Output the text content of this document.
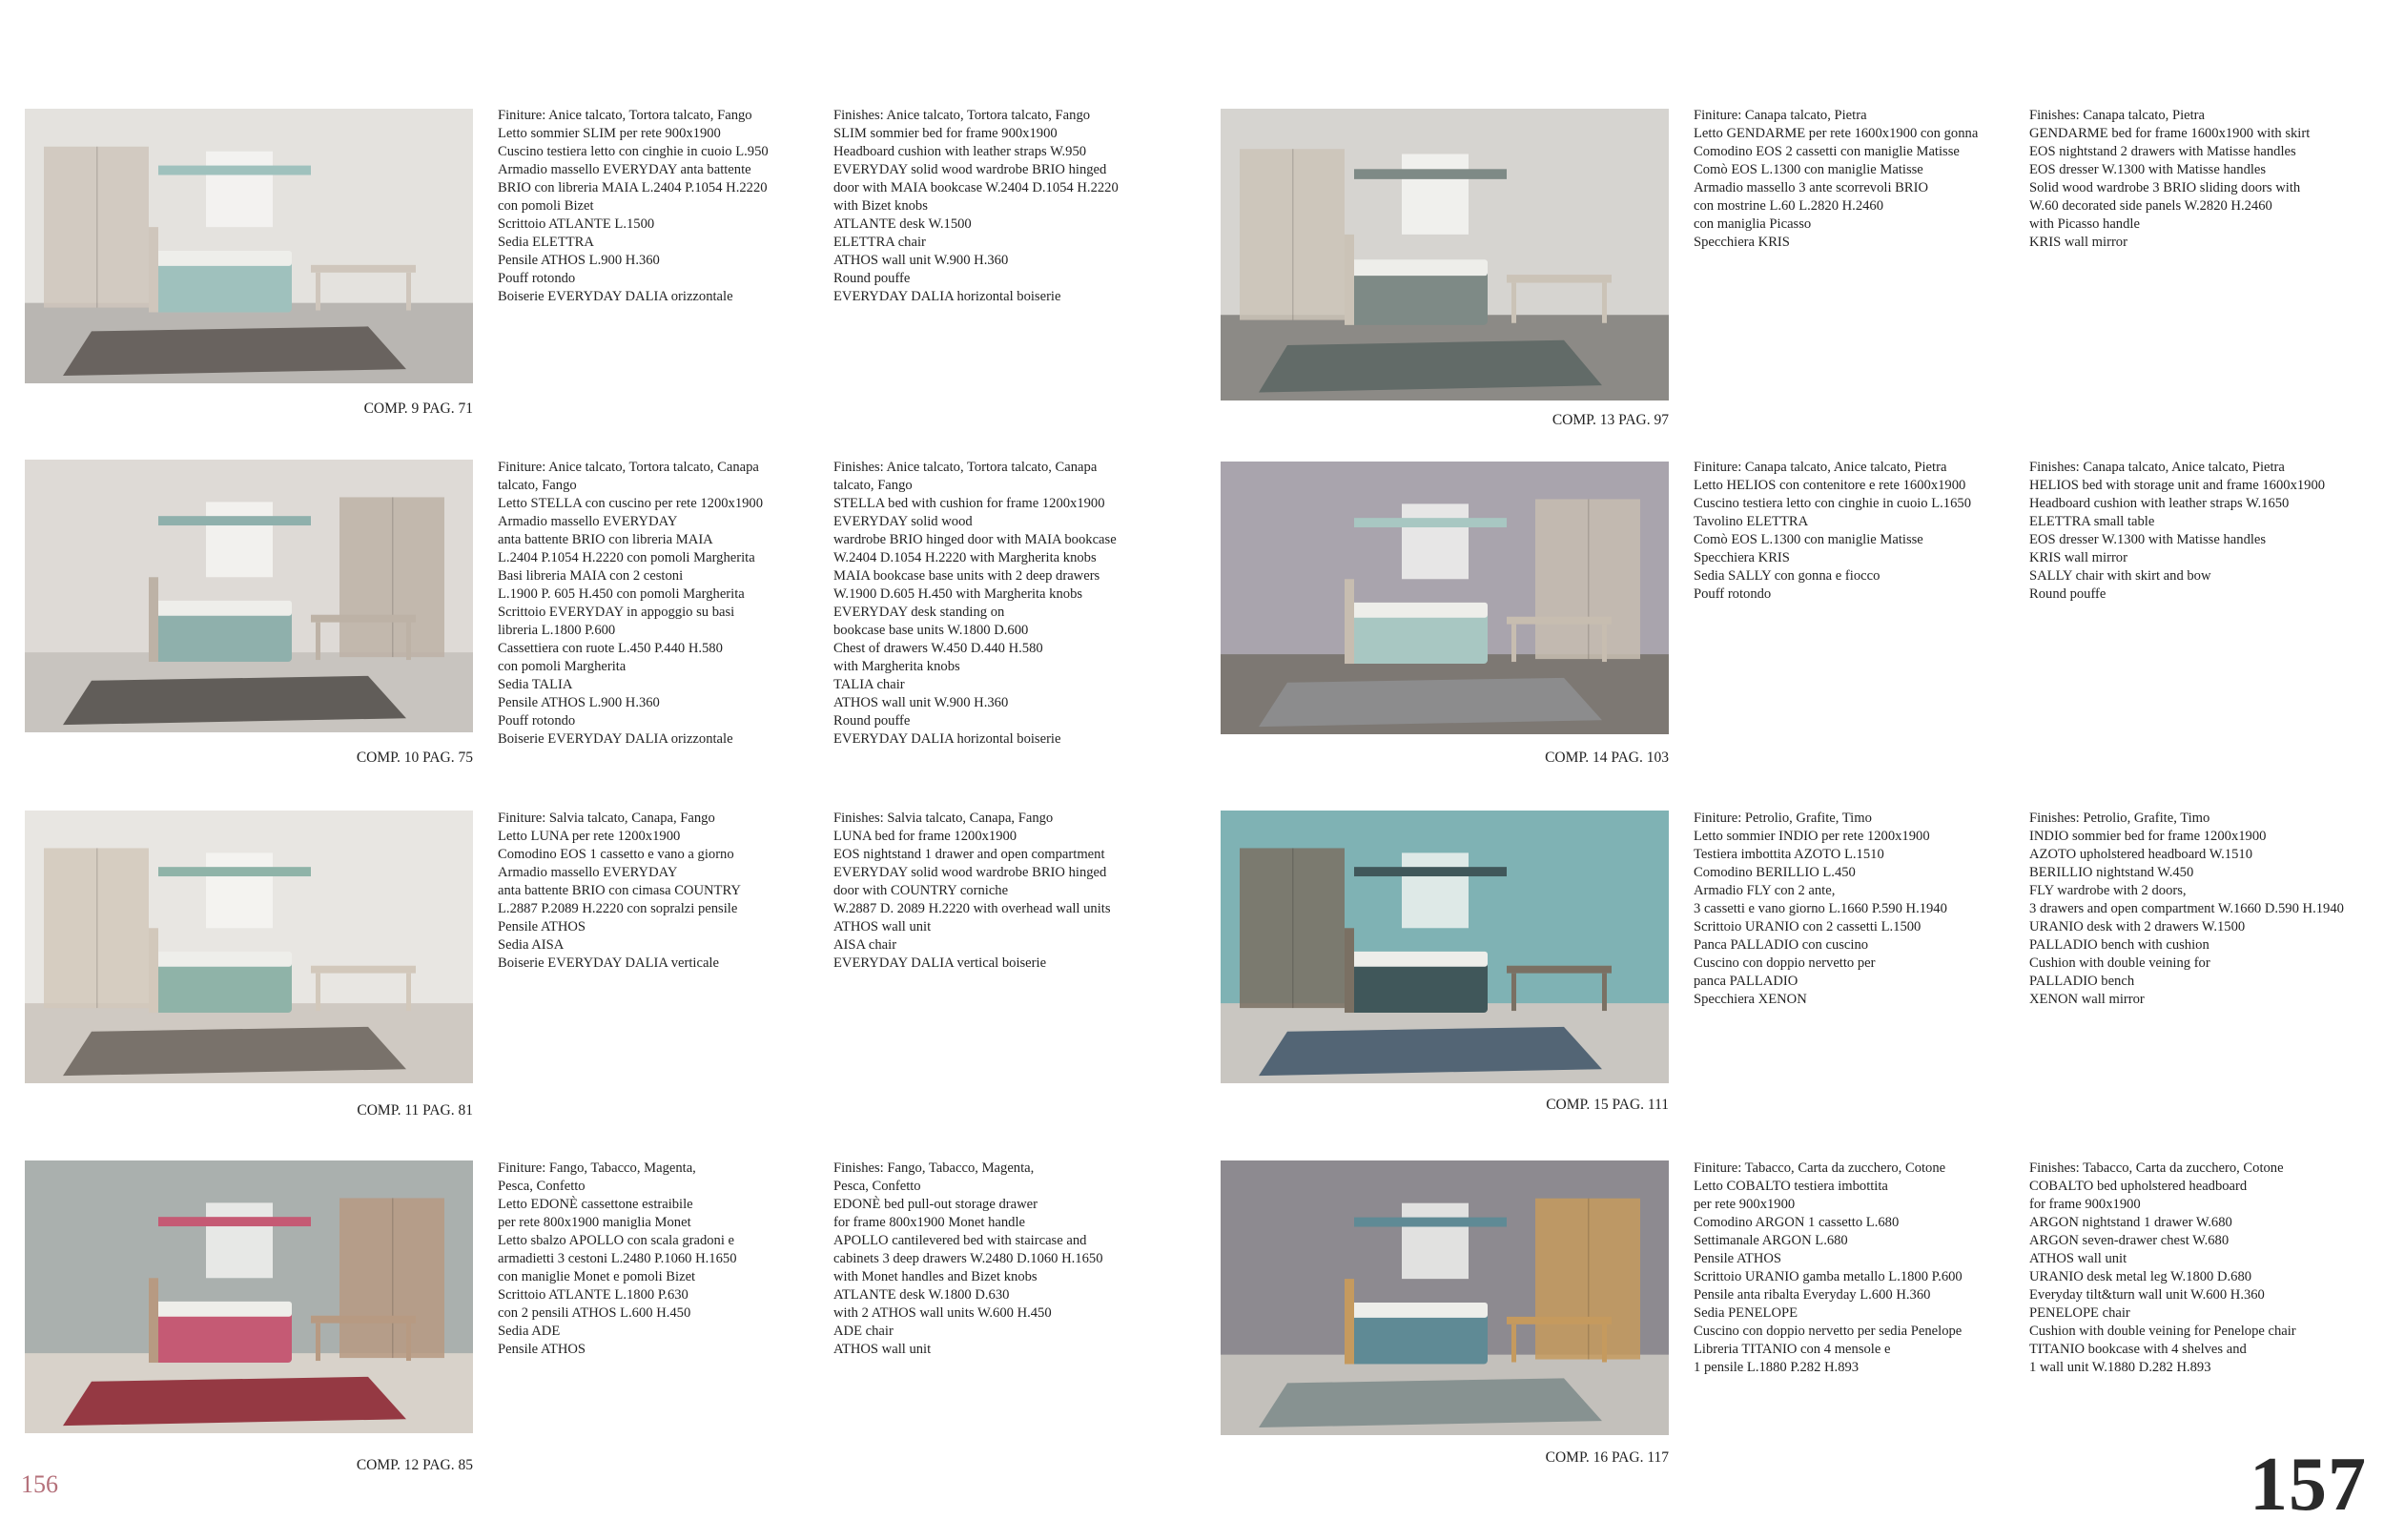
COMP. 9 PAG. 71
Finiture: Anice talcato, Tortora talcato, Fango
Letto sommier SLIM per rete 900x1900
Cuscino testiera letto con cinghie in cuoio L.950
Armadio massello EVERYDAY anta battente
BRIO con libreria MAIA L.2404 P.1054 H.2220
con pomoli Bizet
Scrittoio ATLANTE L.1500
Sedia ELETTRA
Pensile ATHOS L.900 H.360
Pouff rotondo
Boiserie EVERYDAY DALIA orizzontale
Finishes: Anice talcato, Tortora talcato, Fango
SLIM sommier bed for frame 900x1900
Headboard cushion with leather straps W.950
EVERYDAY solid wood wardrobe BRIO hinged
door with MAIA bookcase W.2404 D.1054 H.2220
with Bizet knobs
ATLANTE desk W.1500
ELETTRA chair
ATHOS wall unit W.900 H.360
Round pouffe
EVERYDAY DALIA horizontal boiserie
COMP. 10 PAG. 75
Finiture: Anice talcato, Tortora talcato, Canapa
talcato, Fango
Letto STELLA con cuscino per rete 1200x1900
Armadio massello EVERYDAY
anta battente BRIO con libreria MAIA
L.2404 P.1054 H.2220 con pomoli Margherita
Basi libreria MAIA con 2 cestoni
L.1900 P. 605 H.450 con pomoli Margherita
Scrittoio EVERYDAY in appoggio su basi
libreria L.1800 P.600
Cassettiera con ruote L.450 P.440 H.580
con pomoli Margherita
Sedia TALIA
Pensile ATHOS L.900 H.360
Pouff rotondo
Boiserie EVERYDAY DALIA orizzontale
Finishes: Anice talcato, Tortora talcato, Canapa
talcato, Fango
STELLA bed with cushion for frame 1200x1900
EVERYDAY solid wood
wardrobe BRIO hinged door with MAIA bookcase
W.2404 D.1054 H.2220 with Margherita knobs
MAIA bookcase base units with 2 deep drawers
W.1900 D.605 H.450 with Margherita knobs
EVERYDAY desk standing on
bookcase base units W.1800 D.600
Chest of drawers W.450 D.440 H.580
with Margherita knobs
TALIA chair
ATHOS wall unit W.900 H.360
Round pouffe
EVERYDAY DALIA horizontal boiserie
COMP. 11 PAG. 81
Finiture: Salvia talcato, Canapa, Fango
Letto LUNA per rete 1200x1900
Comodino EOS 1 cassetto e vano a giorno
Armadio massello EVERYDAY
anta battente BRIO con cimasa COUNTRY
L.2887 P.2089 H.2220 con sopralzi pensile
Pensile ATHOS
Sedia AISA
Boiserie EVERYDAY DALIA verticale
Finishes: Salvia talcato, Canapa, Fango
LUNA bed for frame 1200x1900
EOS nightstand 1 drawer and open compartment
EVERYDAY solid wood wardrobe BRIO hinged
door with COUNTRY corniche
W.2887 D. 2089 H.2220 with overhead wall units
ATHOS wall unit
AISA chair
EVERYDAY DALIA vertical boiserie
COMP. 12 PAG. 85
Finiture: Fango, Tabacco, Magenta,
Pesca, Confetto
Letto EDONÈ cassettone estraibile
per rete 800x1900 maniglia Monet
Letto sbalzo APOLLO con scala gradoni e
armadietti 3 cestoni L.2480 P.1060 H.1650
con maniglie Monet e pomoli Bizet
Scrittoio ATLANTE L.1800 P.630
con 2 pensili ATHOS L.600 H.450
Sedia ADE
Pensile ATHOS
Finishes: Fango, Tabacco, Magenta,
Pesca, Confetto
EDONÈ bed pull-out storage drawer
for frame 800x1900 Monet handle
APOLLO cantilevered bed with staircase and
cabinets 3 deep drawers W.2480 D.1060 H.1650
with Monet handles and Bizet knobs
ATLANTE desk W.1800 D.630
with 2 ATHOS wall units W.600 H.450
ADE chair
ATHOS wall unit
COMP. 13 PAG. 97
Finiture: Canapa talcato, Pietra
Letto GENDARME per rete 1600x1900 con gonna
Comodino EOS 2 cassetti con maniglie Matisse
Comò EOS L.1300 con maniglie Matisse
Armadio massello 3 ante scorrevoli BRIO
con mostrine L.60 L.2820 H.2460
con maniglia Picasso
Specchiera KRIS
Finishes: Canapa talcato, Pietra
GENDARME bed for frame 1600x1900 with skirt
EOS nightstand 2 drawers with Matisse handles
EOS dresser W.1300 with Matisse handles
Solid wood wardrobe 3 BRIO sliding doors with
W.60 decorated side panels W.2820 H.2460
with Picasso handle
KRIS wall mirror
COMP. 14 PAG. 103
Finiture: Canapa talcato, Anice talcato, Pietra
Letto HELIOS con contenitore e rete 1600x1900
Cuscino testiera letto con cinghie in cuoio L.1650
Tavolino ELETTRA
Comò EOS L.1300 con maniglie Matisse
Specchiera KRIS
Sedia SALLY con gonna e fiocco
Pouff rotondo
Finishes: Canapa talcato, Anice talcato, Pietra
HELIOS bed with storage unit and frame 1600x1900
Headboard cushion with leather straps W.1650
ELETTRA small table
EOS dresser W.1300 with Matisse handles
KRIS wall mirror
SALLY chair with skirt and bow
Round pouffe
COMP. 15 PAG. 111
Finiture: Petrolio, Grafite, Timo
Letto sommier INDIO per rete 1200x1900
Testiera imbottita AZOTO L.1510
Comodino BERILLIO L.450
Armadio FLY con 2 ante,
3 cassetti e vano giorno L.1660 P.590 H.1940
Scrittoio URANIO con 2 cassetti L.1500
Panca PALLADIO con cuscino
Cuscino con doppio nervetto per
panca PALLADIO
Specchiera XENON
Finishes: Petrolio, Grafite, Timo
INDIO sommier bed for frame 1200x1900
AZOTO upholstered headboard W.1510
BERILLIO nightstand W.450
FLY wardrobe with 2 doors,
3 drawers and open compartment W.1660 D.590 H.1940
URANIO desk with 2 drawers W.1500
PALLADIO bench with cushion
Cushion with double veining for
PALLADIO bench
XENON wall mirror
COMP. 16 PAG. 117
Finiture: Tabacco, Carta da zucchero, Cotone
Letto COBALTO testiera imbottita
per rete 900x1900
Comodino ARGON 1 cassetto L.680
Settimanale ARGON L.680
Pensile ATHOS
Scrittoio URANIO gamba metallo L.1800 P.600
Pensile anta ribalta Everyday L.600 H.360
Sedia PENELOPE
Cuscino con doppio nervetto per sedia Penelope
Libreria TITANIO con 4 mensole e
1 pensile L.1880 P.282 H.893
Finishes: Tabacco, Carta da zucchero, Cotone
COBALTO bed upholstered headboard
for frame 900x1900
ARGON nightstand 1 drawer W.680
ARGON seven-drawer chest W.680
ATHOS wall unit
URANIO desk metal leg W.1800 D.680
Everyday tilt&turn wall unit W.600 H.360
PENELOPE chair
Cushion with double veining for Penelope chair
TITANIO bookcase with 4 shelves and
1 wall unit W.1880 D.282 H.893
156	157
